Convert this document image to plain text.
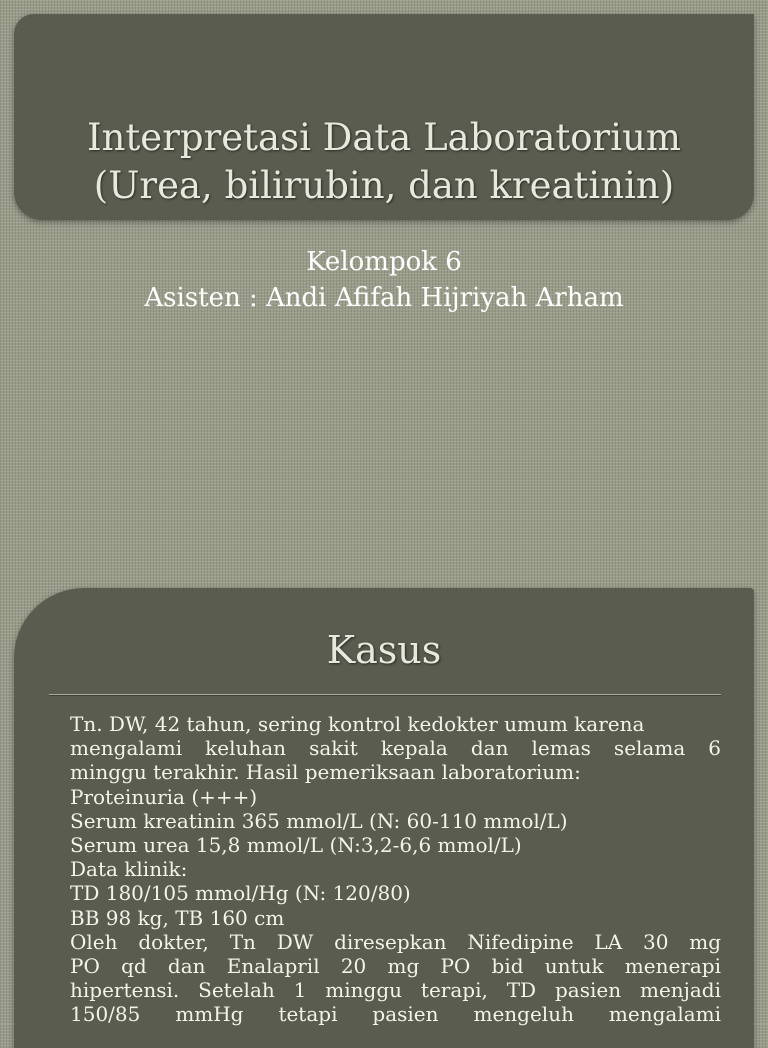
Interpretasi Data Laboratorium
(Urea, bilirubin, dan kreatinin)
Kelompok 6
Asisten : Andi Afifah Hijriyah Arham
Kasus
Tn. DW, 42 tahun, sering kontrol kedokter umum karena
mengalami keluhan sakit kepala dan lemas selama 6
minggu terakhir. Hasil pemeriksaan laboratorium:
Proteinuria (+++)
Serum kreatinin 365 mmol/L (N: 60-110 mmol/L)
Serum urea 15,8 mmol/L (N:3,2-6,6 mmol/L)
Data klinik:
TD 180/105 mmol/Hg (N: 120/80)
BB 98 kg, TB 160 cm
Oleh dokter, Tn DW diresepkan Nifedipine LA 30 mg
PO qd dan Enalapril 20 mg PO bid untuk menerapi
hipertensi. Setelah 1 minggu terapi, TD pasien menjadi
150/85 mmHg tetapi pasien mengeluh mengalami
